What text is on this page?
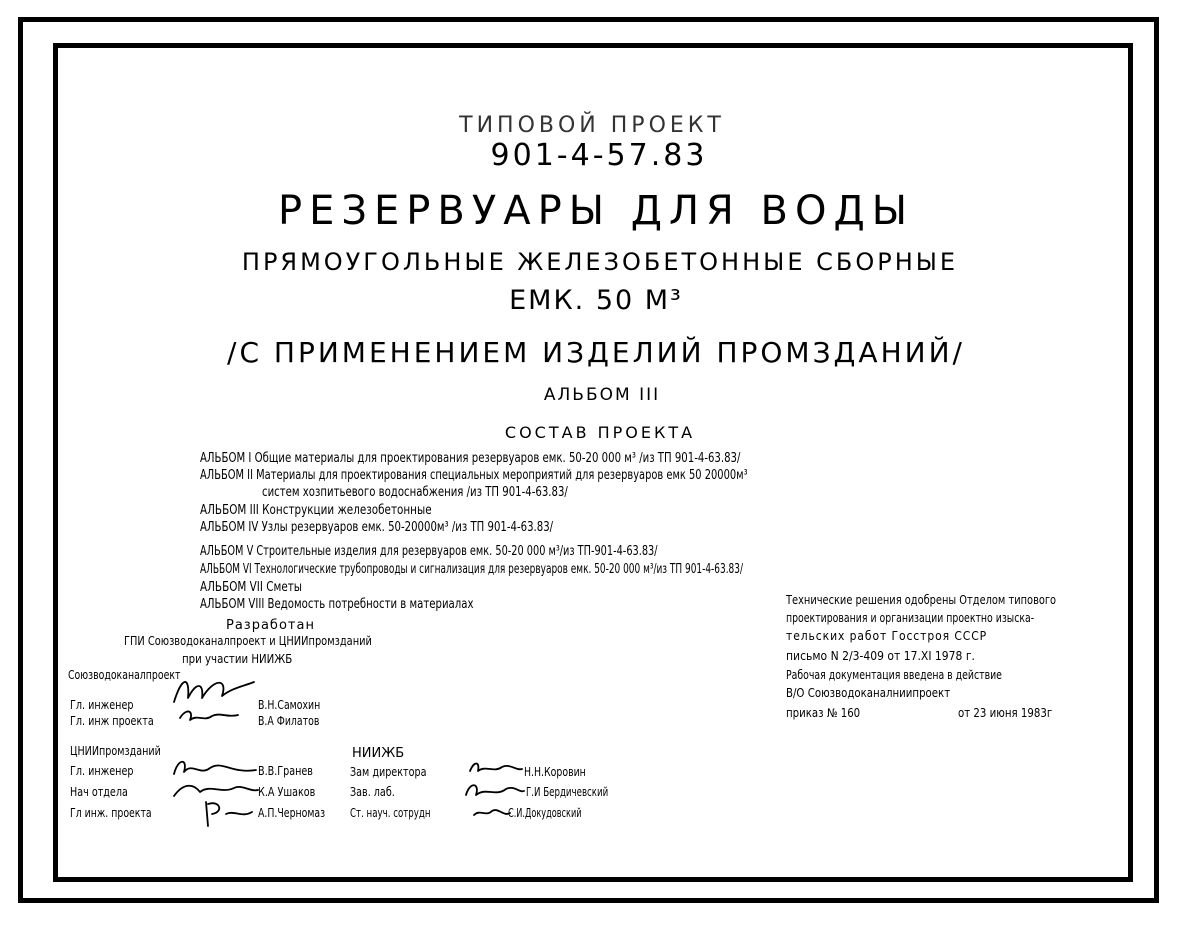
ТИПОВОЙ ПРОЕКТ
901-4-57.83
РЕЗЕРВУАРЫ ДЛЯ ВОДЫ
ПРЯМОУГОЛЬНЫЕ ЖЕЛЕЗОБЕТОННЫЕ СБОРНЫЕ
ЕМК. 50 М³
/С ПРИМЕНЕНИЕМ ИЗДЕЛИЙ ПРОМЗДАНИЙ/
АЛЬБОМ III
СОСТАВ ПРОЕКТА
АЛЬБОМ I Общие материалы для проектирования резервуаров емк. 50-20 000 м³ /из ТП 901-4-63.83/
АЛЬБОМ II Материалы для проектирования специальных мероприятий для резервуаров емк 50 20000м³
систем хозпитьевого водоснабжения /из ТП 901-4-63.83/
АЛЬБОМ III Конструкции железобетонные
АЛЬБОМ IV Узлы резервуаров емк. 50-20000м³ /из ТП 901-4-63.83/
АЛЬБОМ V Строительные изделия для резервуаров емк. 50-20 000 м³/из ТП-901-4-63.83/
АЛЬБОМ VI Технологические трубопроводы и сигнализация для резервуаров емк. 50-20 000 м³/из ТП 901-4-63.83/
АЛЬБОМ VII Сметы
АЛЬБОМ VIII Ведомость потребности в материалах
Разработан
ГПИ Союзводоканалпроект и ЦНИИпромзданий
при участии НИИЖБ
Технические решения одобрены Отделом типового
проектирования и организации проектно изыска-
тельских работ Госстроя СССР
письмо N 2/3-409 от 17.XI 1978 г.
Рабочая документация введена в действие
В/О Союзводоканалниипроект
приказ № 160	от 23 июня 1983г
Союзводоканалпроект
Гл. инженер	В.Н.Самохин
Гл. инж проекта	В.А Филатов
ЦНИИпромзданий
Гл. инженер	В.В.Гранев
Нач отдела	К.А Ушаков
Гл инж. проекта	А.П.Черномаз
НИИЖБ
Зам директора	Н.Н.Коровин
Зав. лаб.	Г.И Бердичевский
Ст. науч. сотрудн	С.И.Докудовский
